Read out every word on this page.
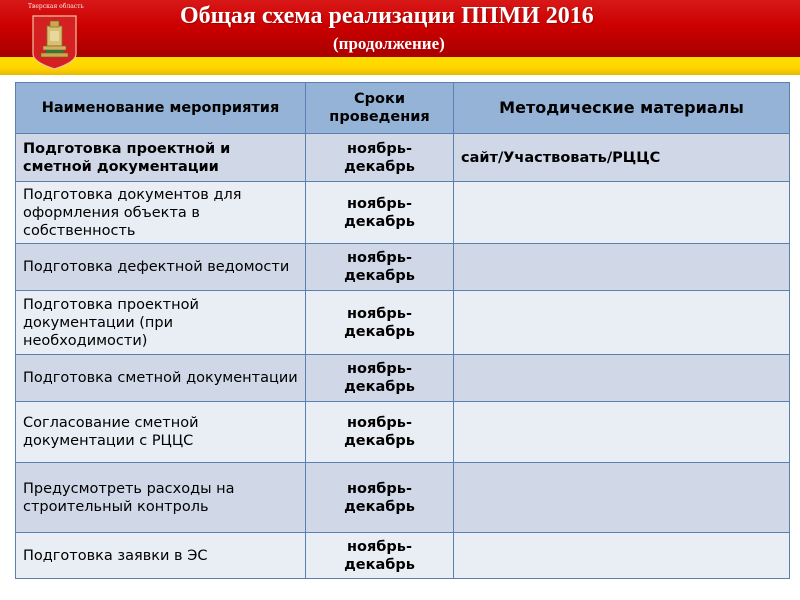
Тверская область	Общая схема реализации ППМИ 2016
(продолжение)
Наименование мероприятия	Сроки проведения	Методические материалы
Подготовка проектной и сметной документации	ноябрь-декабрь	сайт/Участвовать/РЦЦС
Подготовка документов для оформления объекта в собственность	ноябрь-декабрь	
Подготовка дефектной ведомости	ноябрь-декабрь	
Подготовка проектной документации (при необходимости)	ноябрь-декабрь	
Подготовка сметной документации	ноябрь-декабрь	
Согласование сметной документации с РЦЦС	ноябрь-декабрь	
Предусмотреть расходы на строительный контроль	ноябрь-декабрь	
Подготовка заявки в ЭС	ноябрь-декабрь	
